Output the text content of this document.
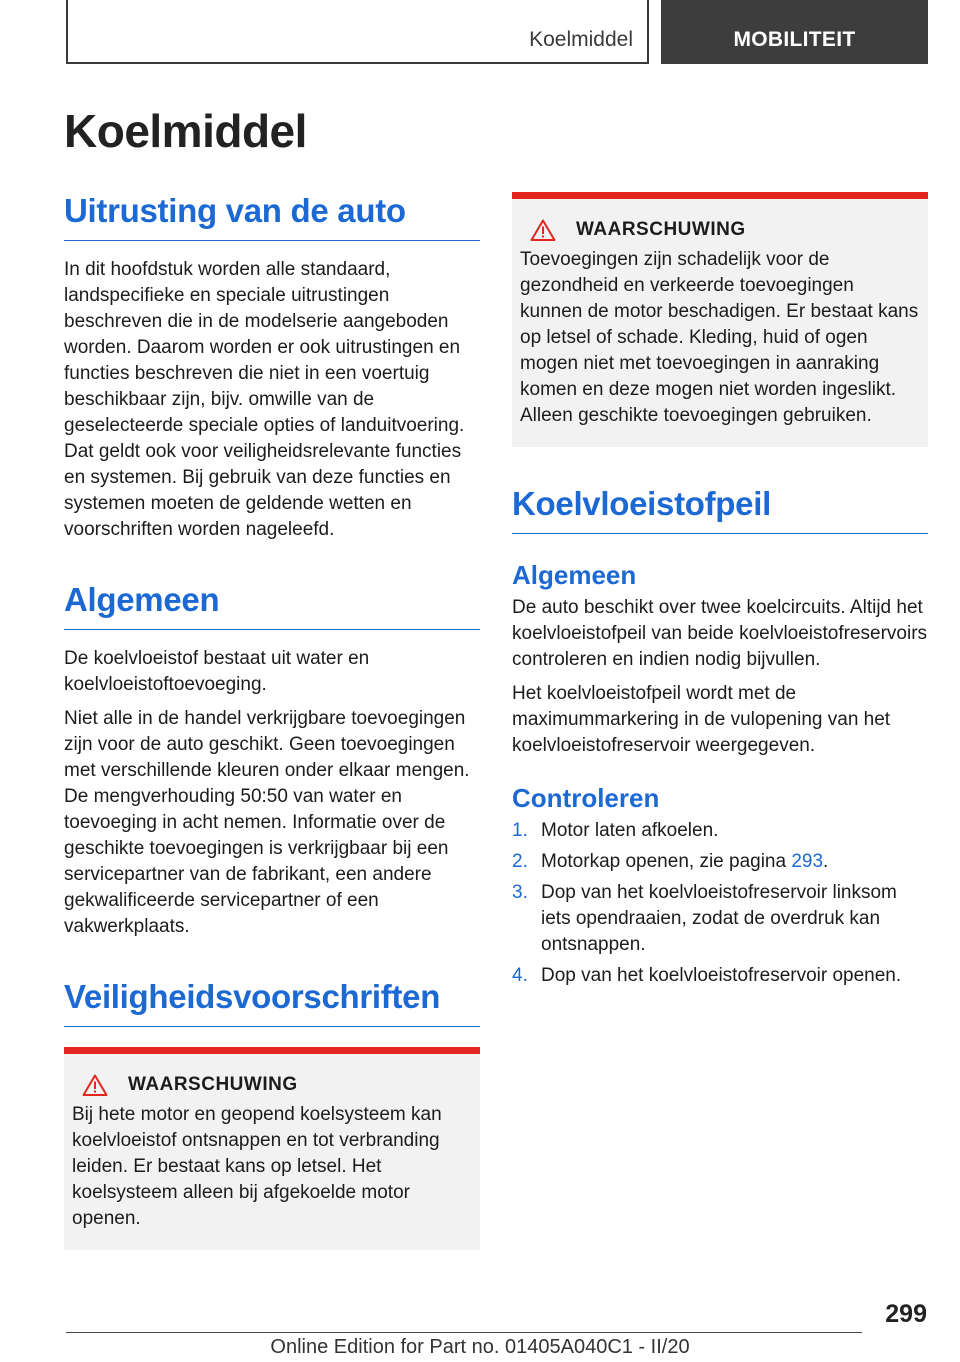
Koelmiddel	MOBILITEIT
Koelmiddel
Uitrusting van de auto

In dit hoofdstuk worden alle standaard, landspecifieke en speciale uitrustingen beschreven die in de modelserie aangeboden worden. Daarom worden er ook uitrustingen en functies beschreven die niet in een voertuig beschikbaar zijn, bijv. omwille van de geselecteerde speciale opties of landuitvoering. Dat geldt ook voor veiligheidsrelevante functies en systemen. Bij gebruik van deze functies en systemen moeten de geldende wetten en voorschriften worden nageleefd.

Algemeen

De koelvloeistof bestaat uit water en koelvloeistoftoevoeging.

Niet alle in de handel verkrijgbare toevoegingen zijn voor de auto geschikt. Geen toevoegingen met verschillende kleuren onder elkaar mengen. De mengverhouding 50:50 van water en toevoeging in acht nemen. Informatie over de geschikte toevoegingen is verkrijgbaar bij een servicepartner van de fabrikant, een andere gekwalificeerde servicepartner of een vakwerkplaats.

Veiligheidsvoorschriften
WAARSCHUWING

Bij hete motor en geopend koelsysteem kan koelvloeistof ontsnappen en tot verbranding leiden. Er bestaat kans op letsel. Het koelsysteem alleen bij afgekoelde motor openen.

WAARSCHUWING

Toevoegingen zijn schadelijk voor de gezondheid en verkeerde toevoegingen kunnen de motor beschadigen. Er bestaat kans op letsel of schade. Kleding, huid of ogen mogen niet met toevoegingen in aanraking komen en deze mogen niet worden ingeslikt. Alleen geschikte toevoegingen gebruiken.

Koelvloeistofpeil
Algemeen

De auto beschikt over twee koelcircuits. Altijd het koelvloeistofpeil van beide koelvloeistofreservoirs controleren en indien nodig bijvullen.

Het koelvloeistofpeil wordt met de maximummarkering in de vulopening van het koelvloeistofreservoir weergegeven.

Controleren
1. Motor laten afkoelen.
2. Motorkap openen, zie pagina 293.
3. Dop van het koelvloeistofreservoir linksom iets opendraaien, zodat de overdruk kan ontsnappen.
4. Dop van het koelvloeistofreservoir openen.
299
Online Edition for Part no. 01405A040C1 - II/20
